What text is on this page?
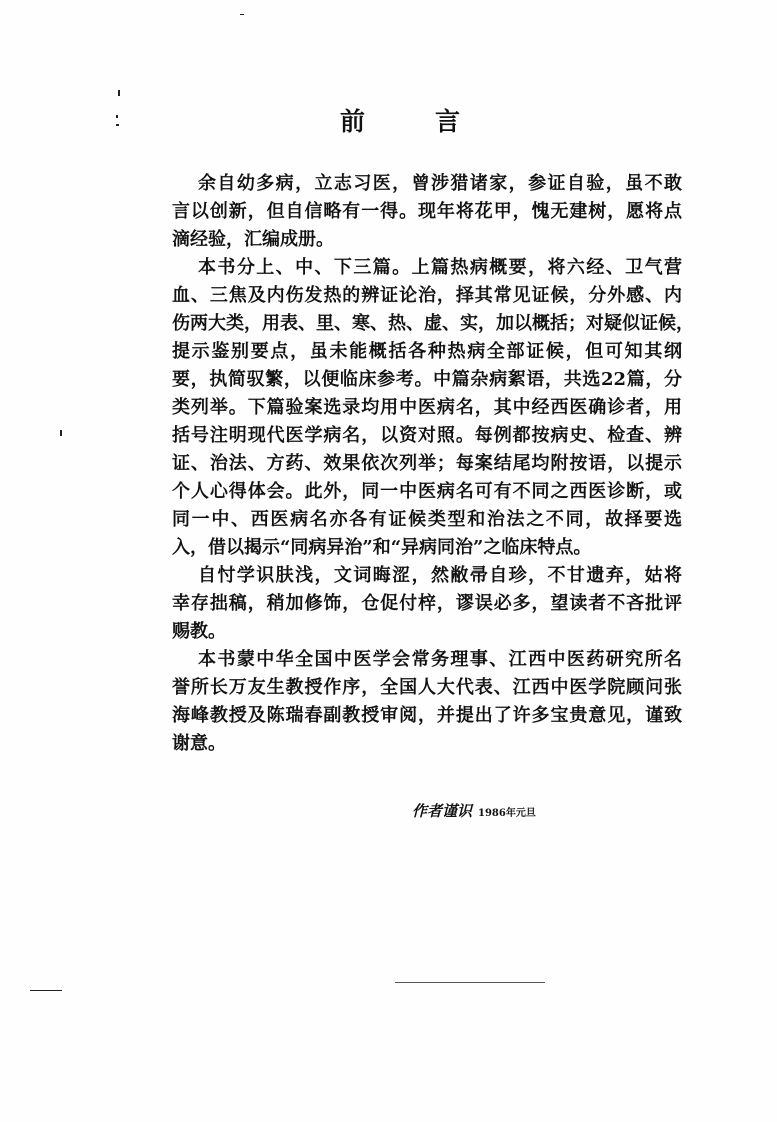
前	言
余自幼多病，立志习医，曾涉猎诸家，参证自验，虽不敢
言以创新，但自信略有一得。现年将花甲，愧无建树，愿将点
滴经验，汇编成册。
本书分上、中、下三篇。上篇热病概要，将六经、卫气营
血、三焦及内伤发热的辨证论治，择其常见证候，分外感、内
伤两大类，用表、里、寒、热、虚、实，加以概括；对疑似证候，
提示鉴别要点，虽未能概括各种热病全部证候，但可知其纲
要，执简驭繁，以便临床参考。中篇杂病絮语，共选22篇，分
类列举。下篇验案选录均用中医病名，其中经西医确诊者，用
括号注明现代医学病名，以资对照。每例都按病史、检查、辨
证、治法、方药、效果依次列举；每案结尾均附按语，以提示
个人心得体会。此外，同一中医病名可有不同之西医诊断，或
同一中、西医病名亦各有证候类型和治法之不同，故择要选
入，借以揭示“同病异治”和“异病同治”之临床特点。
自忖学识肤浅，文词晦涩，然敝帚自珍，不甘遗弃，姑将
幸存拙稿，稍加修饰，仓促付梓，谬误必多，望读者不吝批评
赐教。
本书蒙中华全国中医学会常务理事、江西中医药研究所名
誉所长万友生教授作序，全国人大代表、江西中医学院顾问张
海峰教授及陈瑞春副教授审阅，并提出了许多宝贵意见，谨致
谢意。
作者谨识 1986年元旦
